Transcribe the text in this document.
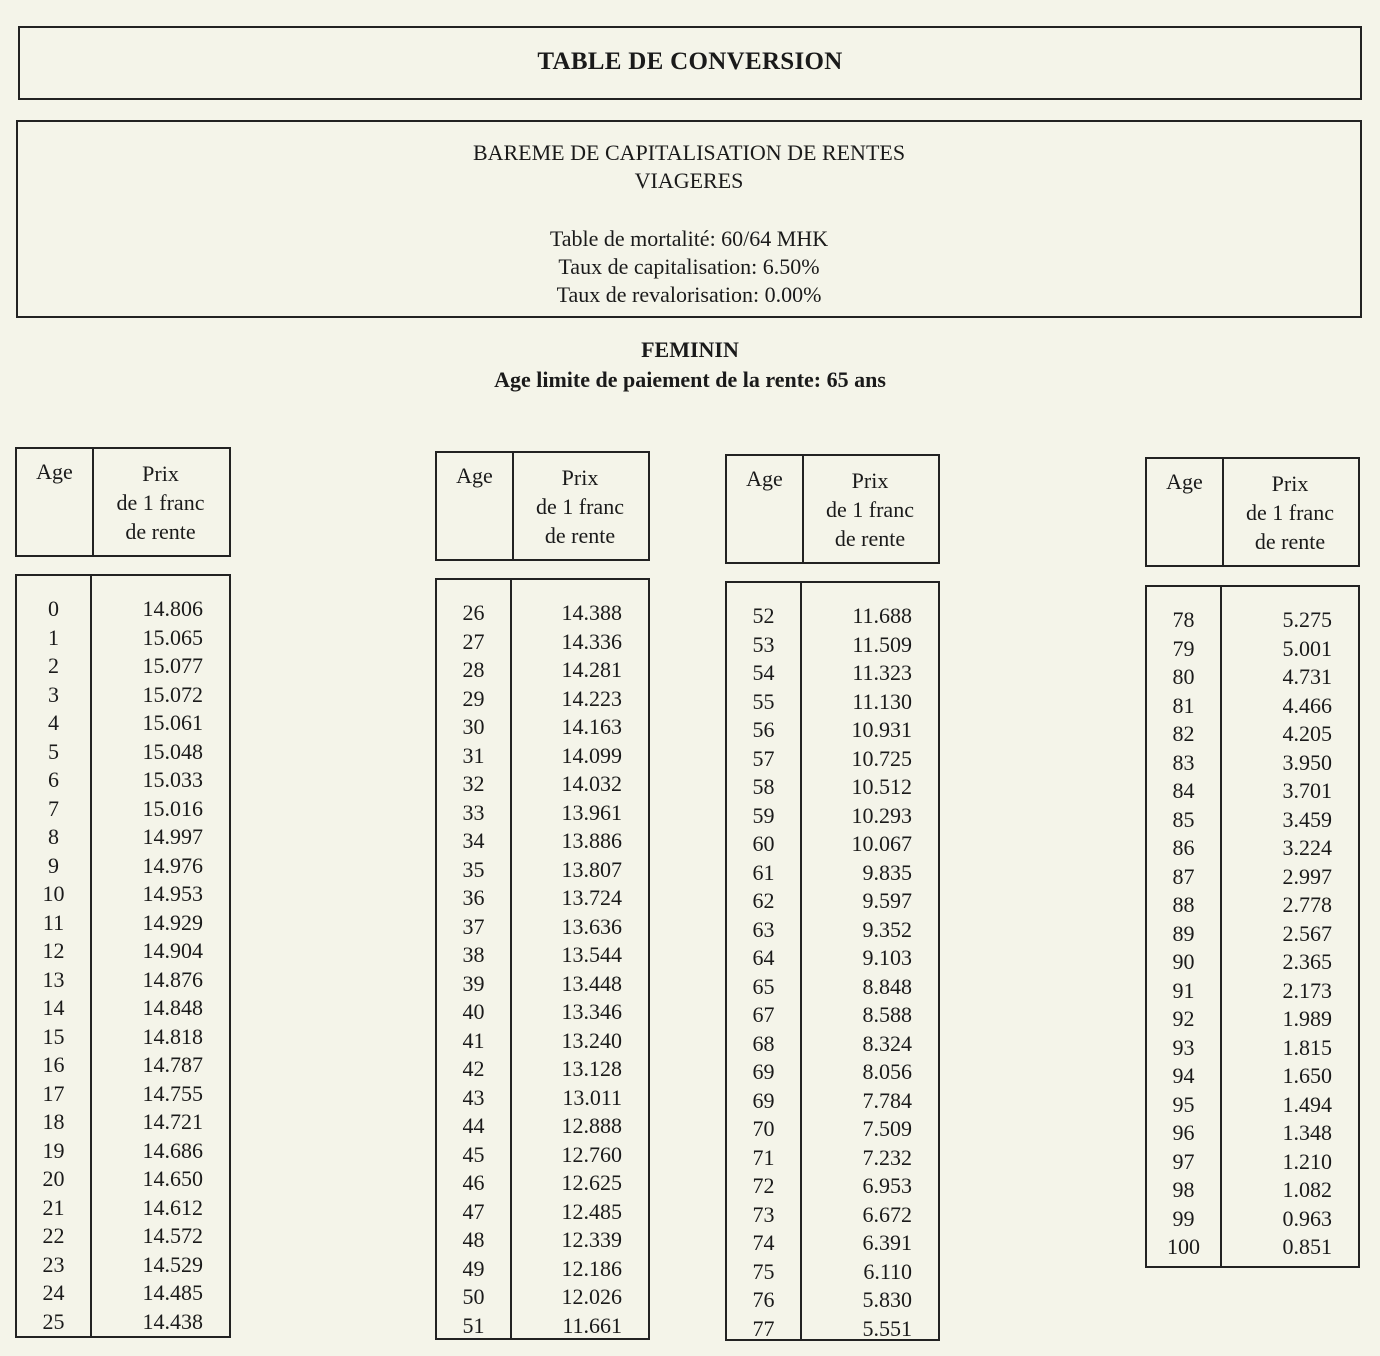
TABLE DE CONVERSION
BAREME DE CAPITALISATION DE RENTES
VIAGERES
Table de mortalité: 60/64 MHK
Taux de capitalisation: 6.50%
Taux de revalorisation: 0.00%
FEMININ
Age limite de paiement de la rente: 65 ans
Age	Prix
de 1 franc
de rente
0	14.806
1	15.065
2	15.077
3	15.072
4	15.061
5	15.048
6	15.033
7	15.016
8	14.997
9	14.976
10	14.953
11	14.929
12	14.904
13	14.876
14	14.848
15	14.818
16	14.787
17	14.755
18	14.721
19	14.686
20	14.650
21	14.612
22	14.572
23	14.529
24	14.485
25	14.438
Age	Prix
de 1 franc
de rente
26	14.388
27	14.336
28	14.281
29	14.223
30	14.163
31	14.099
32	14.032
33	13.961
34	13.886
35	13.807
36	13.724
37	13.636
38	13.544
39	13.448
40	13.346
41	13.240
42	13.128
43	13.011
44	12.888
45	12.760
46	12.625
47	12.485
48	12.339
49	12.186
50	12.026
51	11.661
Age	Prix
de 1 franc
de rente
52	11.688
53	11.509
54	11.323
55	11.130
56	10.931
57	10.725
58	10.512
59	10.293
60	10.067
61	9.835
62	9.597
63	9.352
64	9.103
65	8.848
67	8.588
68	8.324
69	8.056
69	7.784
70	7.509
71	7.232
72	6.953
73	6.672
74	6.391
75	6.110
76	5.830
77	5.551
Age	Prix
de 1 franc
de rente
78	5.275
79	5.001
80	4.731
81	4.466
82	4.205
83	3.950
84	3.701
85	3.459
86	3.224
87	2.997
88	2.778
89	2.567
90	2.365
91	2.173
92	1.989
93	1.815
94	1.650
95	1.494
96	1.348
97	1.210
98	1.082
99	0.963
100	0.851
